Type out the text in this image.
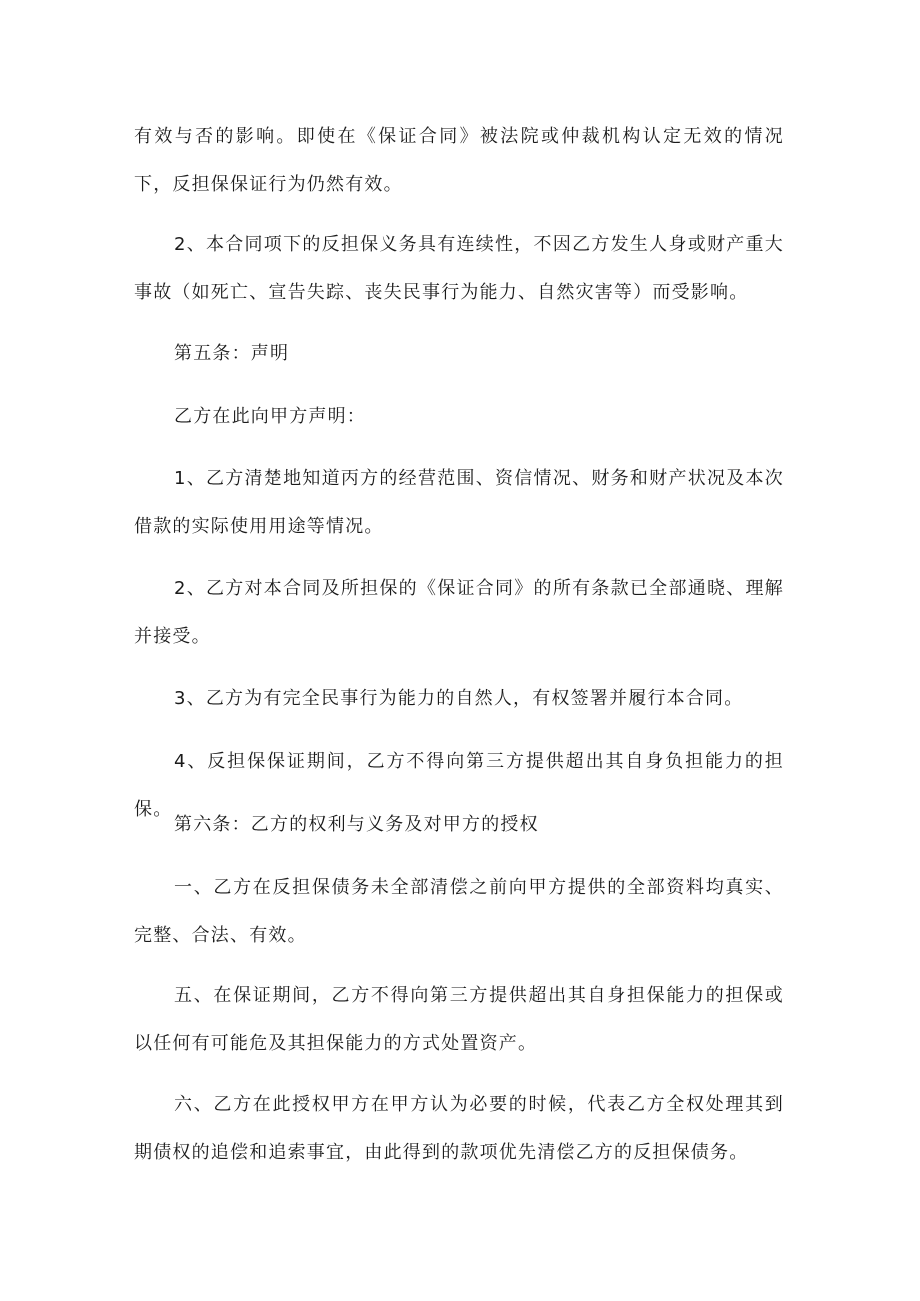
有效与否的影响。即使在《保证合同》被法院或仲裁机构认定无效的情况下，反担保保证行为仍然有效。

2、本合同项下的反担保义务具有连续性，不因乙方发生人身或财产重大事故（如死亡、宣告失踪、丧失民事行为能力、自然灾害等）而受影响。

第五条：声明

乙方在此向甲方声明：

1、乙方清楚地知道丙方的经营范围、资信情况、财务和财产状况及本次借款的实际使用用途等情况。

2、乙方对本合同及所担保的《保证合同》的所有条款已全部通晓、理解并接受。

3、乙方为有完全民事行为能力的自然人，有权签署并履行本合同。

4、反担保保证期间，乙方不得向第三方提供超出其自身负担能力的担保。

第六条：乙方的权利与义务及对甲方的授权

一、乙方在反担保债务未全部清偿之前向甲方提供的全部资料均真实、完整、合法、有效。

五、在保证期间，乙方不得向第三方提供超出其自身担保能力的担保或以任何有可能危及其担保能力的方式处置资产。

六、乙方在此授权甲方在甲方认为必要的时候，代表乙方全权处理其到期债权的追偿和追索事宜，由此得到的款项优先清偿乙方的反担保债务。
